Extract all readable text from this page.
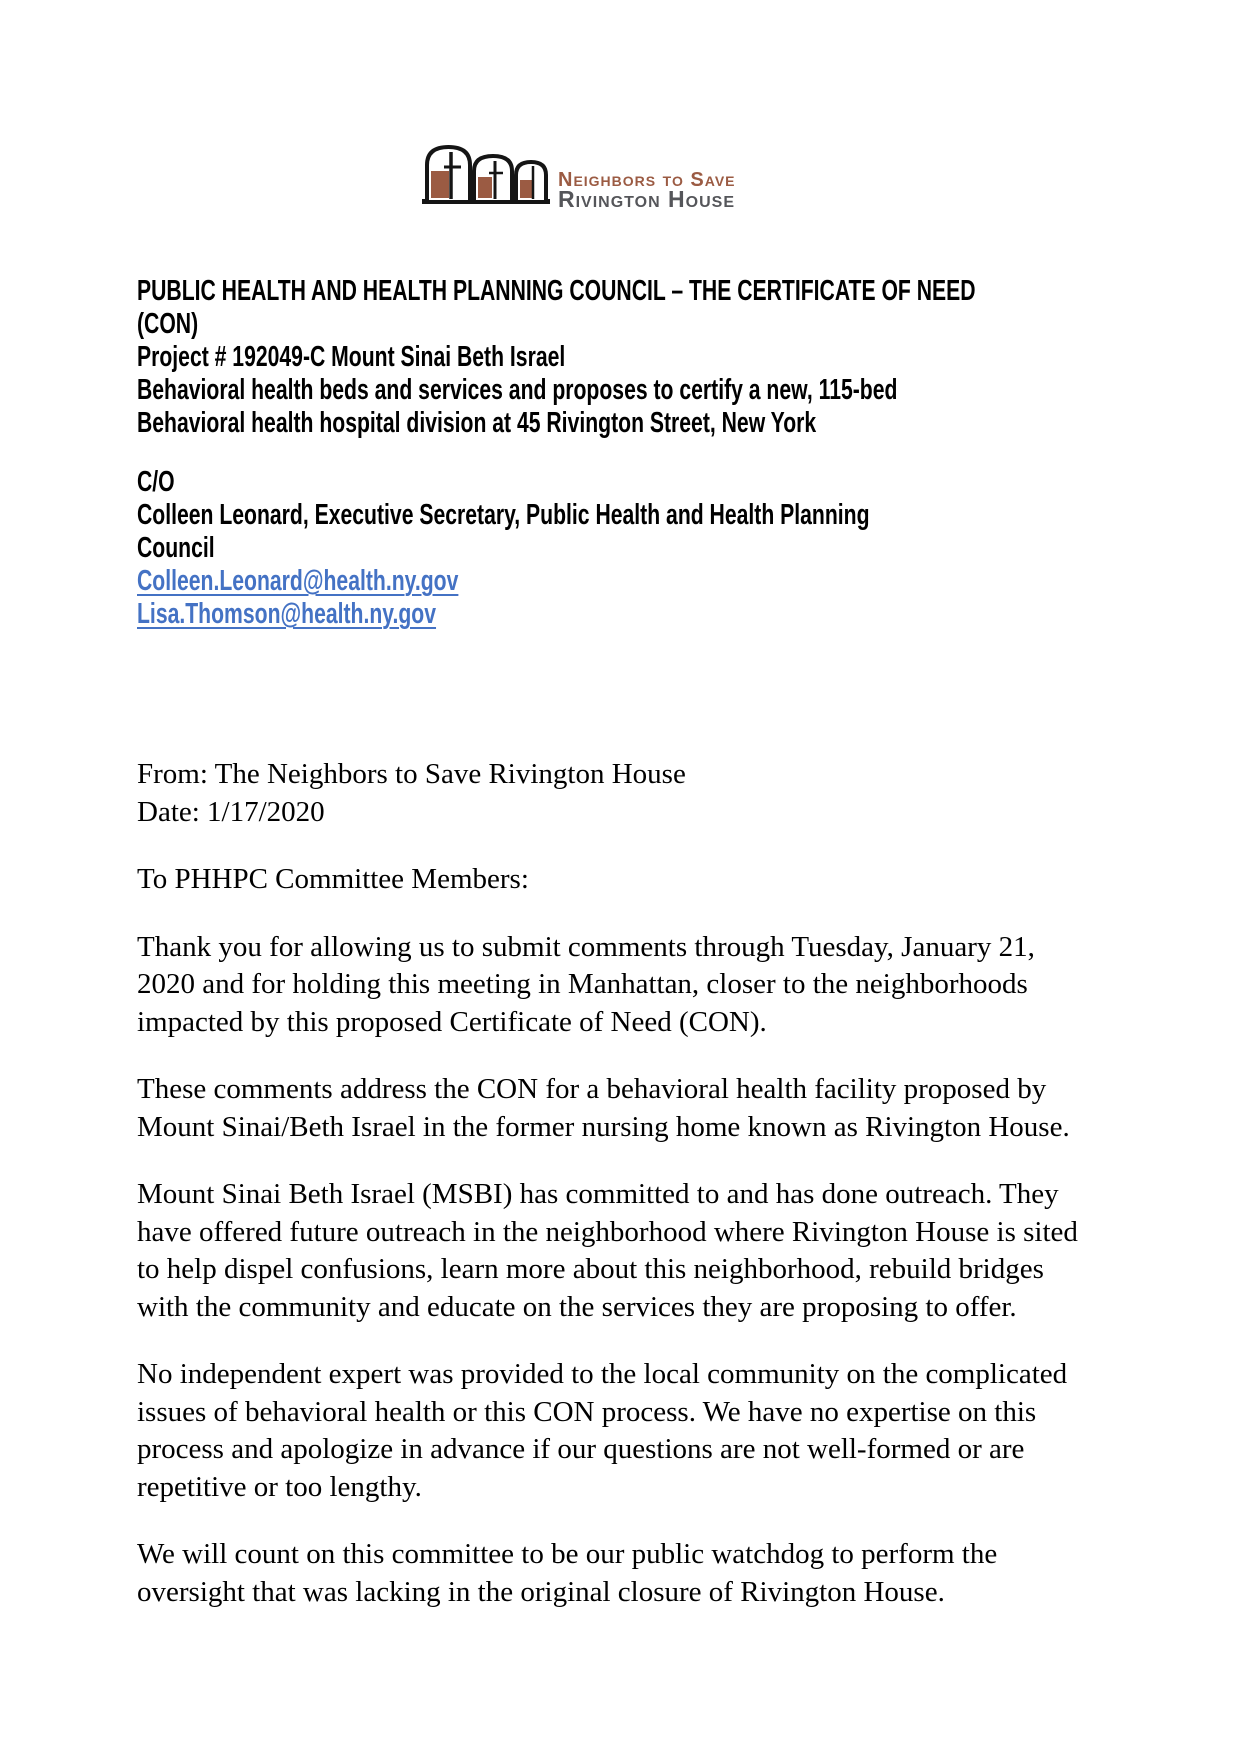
Neighbors to Save
Rivington House
PUBLIC HEALTH AND HEALTH PLANNING COUNCIL – THE CERTIFICATE OF NEED
(CON)
Project # 192049-C Mount Sinai Beth Israel
Behavioral health beds and services and proposes to certify a new, 115-bed
Behavioral health hospital division at 45 Rivington Street, New York
C/O
Colleen Leonard, Executive Secretary, Public Health and Health Planning
Council
Colleen.Leonard@health.ny.gov
Lisa.Thomson@health.ny.gov
From: The Neighbors to Save Rivington House
Date: 1/17/2020

To PHHPC Committee Members:

Thank you for allowing us to submit comments through Tuesday, January 21, 2020 and for holding this meeting in Manhattan, closer to the neighborhoods impacted by this proposed Certificate of Need (CON).

These comments address the CON for a behavioral health facility proposed by Mount Sinai/Beth Israel in the former nursing home known as Rivington House.

Mount Sinai Beth Israel (MSBI) has committed to and has done outreach. They have offered future outreach in the neighborhood where Rivington House is sited to help dispel confusions, learn more about this neighborhood, rebuild bridges with the community and educate on the services they are proposing to offer.

No independent expert was provided to the local community on the complicated issues of behavioral health or this CON process. We have no expertise on this process and apologize in advance if our questions are not well-formed or are repetitive or too lengthy.

We will count on this committee to be our public watchdog to perform the oversight that was lacking in the original closure of Rivington House.
